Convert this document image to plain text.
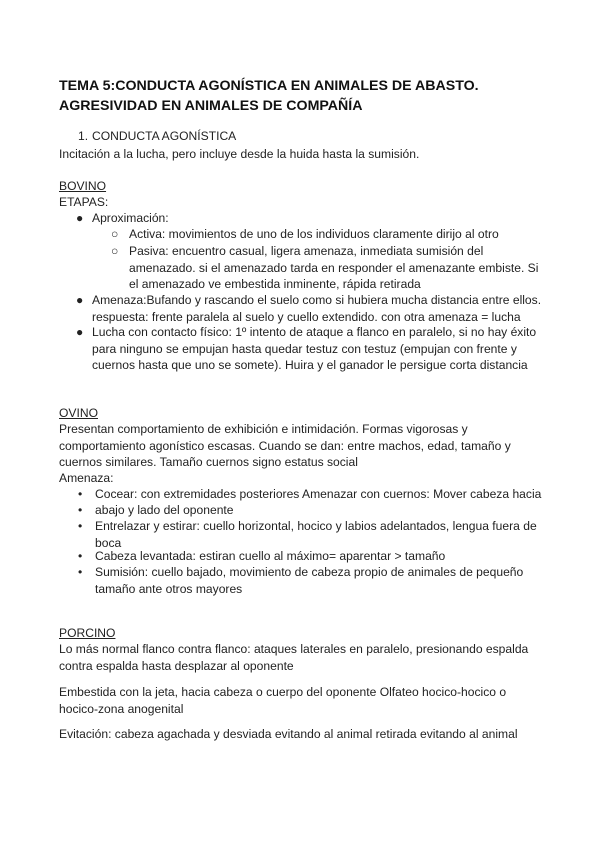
TEMA 5:CONDUCTA AGONÍSTICA EN ANIMALES DE ABASTO. AGRESIVIDAD EN ANIMALES DE COMPAÑÍA
1. CONDUCTA AGONÍSTICA
Incitación a la lucha, pero incluye desde la huida hasta la sumisión.
BOVINO
ETAPAS:
● Aproximación:
○ Activa: movimientos de uno de los individuos claramente dirijo al otro
○ Pasiva: encuentro casual, ligera amenaza, inmediata sumisión del amenazado. si el amenazado tarda en responder el amenazante embiste. Si el amenazado ve embestida inminente, rápida retirada
● Amenaza:Bufando y rascando el suelo como si hubiera mucha distancia entre ellos. respuesta: frente paralela al suelo y cuello extendido. con otra amenaza = lucha
● Lucha con contacto físico: 1º intento de ataque a flanco en paralelo, si no hay éxito para ninguno se empujan hasta quedar testuz con testuz (empujan con frente y cuernos hasta que uno se somete). Huira y el ganador le persigue corta distancia
OVINO
Presentan comportamiento de exhibición e intimidación. Formas vigorosas y comportamiento agonístico escasas. Cuando se dan: entre machos, edad, tamaño y cuernos similares. Tamaño cuernos signo estatus social
Amenaza:
• Cocear: con extremidades posteriores Amenazar con cuernos: Mover cabeza hacia
• abajo y lado del oponente
• Entrelazar y estirar: cuello horizontal, hocico y labios adelantados, lengua fuera de boca
• Cabeza levantada: estiran cuello al máximo= aparentar > tamaño
• Sumisión: cuello bajado, movimiento de cabeza propio de animales de pequeño tamaño ante otros mayores
PORCINO
Lo más normal flanco contra flanco: ataques laterales en paralelo, presionando espalda contra espalda hasta desplazar al oponente
Embestida con la jeta, hacia cabeza o cuerpo del oponente Olfateo hocico-hocico o hocico-zona anogenital
Evitación: cabeza agachada y desviada evitando al animal retirada evitando al animal
